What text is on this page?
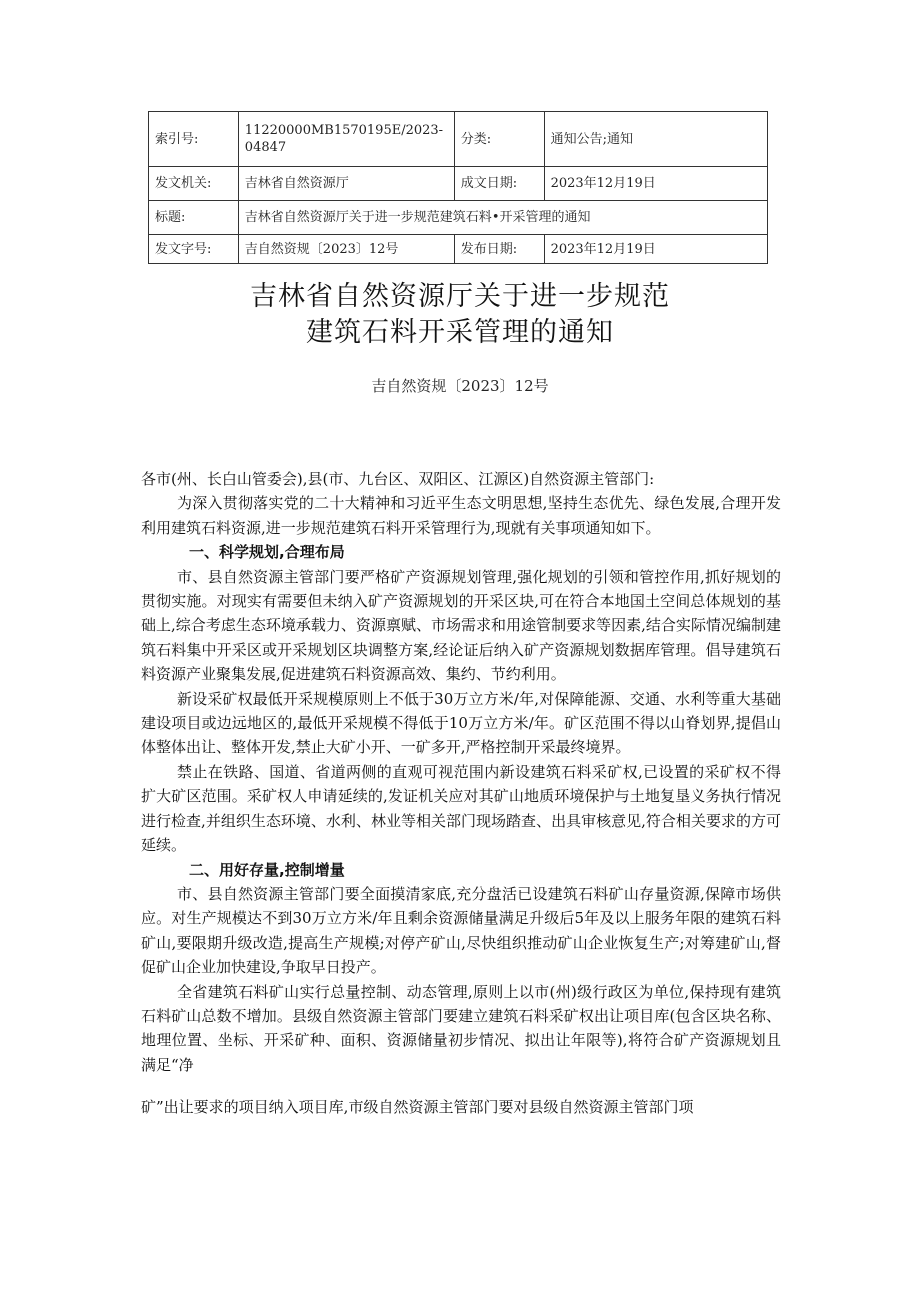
索引号:	11220000MB1570195E/2023-04847	分类:	通知公告;通知
发文机关:	吉林省自然资源厅	成文日期:	2023年12月19日
标题:	吉林省自然资源厅关于进一步规范建筑石料•开采管理的通知		
发文字号:	吉自然资规〔2023〕12号	发布日期:	2023年12月19日
吉林省自然资源厅关于进一步规范
建筑石料开采管理的通知
吉自然资规〔2023〕12号

各市(州、长白山管委会),县(市、九台区、双阳区、江源区)自然资源主管部门:

为深入贯彻落实党的二十大精神和习近平生态文明思想,坚持生态优先、绿色发展,合理开发利用建筑石料资源,进一步规范建筑石料开采管理行为,现就有关事项通知如下。

一、科学规划,合理布局

市、县自然资源主管部门要严格矿产资源规划管理,强化规划的引领和管控作用,抓好规划的贯彻实施。对现实有需要但未纳入矿产资源规划的开采区块,可在符合本地国土空间总体规划的基础上,综合考虑生态环境承载力、资源禀赋、市场需求和用途管制要求等因素,结合实际情况编制建筑石料集中开采区或开采规划区块调整方案,经论证后纳入矿产资源规划数据库管理。倡导建筑石料资源产业聚集发展,促进建筑石料资源高效、集约、节约利用。

新设采矿权最低开采规模原则上不低于30万立方米/年,对保障能源、交通、水利等重大基础建设项目或边远地区的,最低开采规模不得低于10万立方米/年。矿区范围不得以山脊划界,提倡山体整体出让、整体开发,禁止大矿小开、一矿多开,严格控制开采最终境界。

禁止在铁路、国道、省道两侧的直观可视范围内新设建筑石料采矿权,已设置的采矿权不得扩大矿区范围。采矿权人申请延续的,发证机关应对其矿山地质环境保护与土地复垦义务执行情况进行检查,并组织生态环境、水利、林业等相关部门现场踏查、出具审核意见,符合相关要求的方可延续。

二、用好存量,控制增量

市、县自然资源主管部门要全面摸清家底,充分盘活已设建筑石料矿山存量资源,保障市场供应。对生产规模达不到30万立方米/年且剩余资源储量满足升级后5年及以上服务年限的建筑石料矿山,要限期升级改造,提高生产规模;对停产矿山,尽快组织推动矿山企业恢复生产;对筹建矿山,督促矿山企业加快建设,争取早日投产。

全省建筑石料矿山实行总量控制、动态管理,原则上以市(州)级行政区为单位,保持现有建筑石料矿山总数不增加。县级自然资源主管部门要建立建筑石料采矿权出让项目库(包含区块名称、地理位置、坐标、开采矿种、面积、资源储量初步情况、拟出让年限等),将符合矿产资源规划且满足“净

矿”出让要求的项目纳入项目库,市级自然资源主管部门要对县级自然资源主管部门项
